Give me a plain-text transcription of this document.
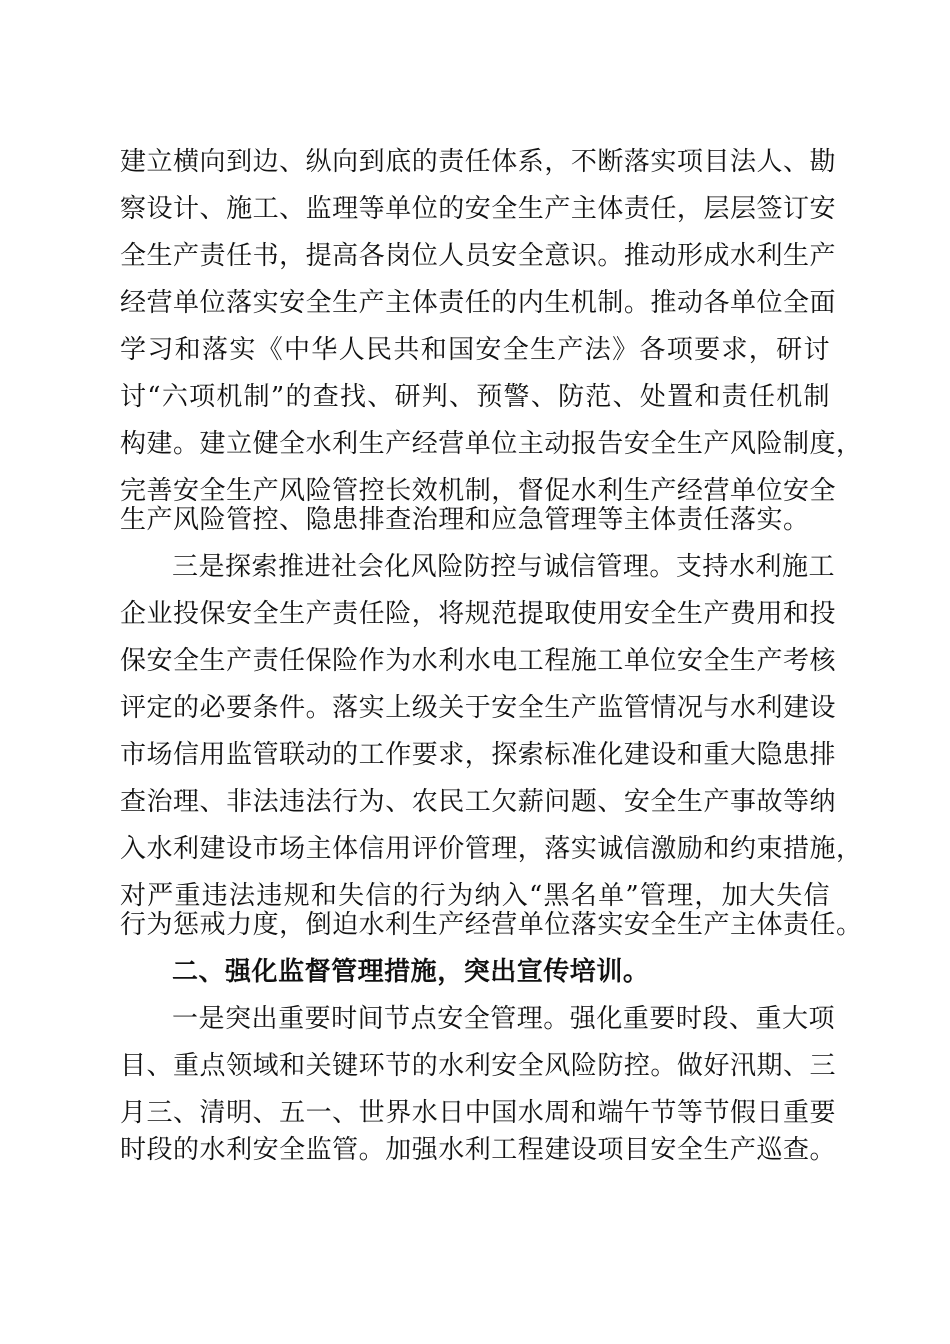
建立横向到边、纵向到底的责任体系，不断落实项目法人、勘
察设计、施工、监理等单位的安全生产主体责任，层层签订安
全生产责任书，提高各岗位人员安全意识。推动形成水利生产
经营单位落实安全生产主体责任的内生机制。推动各单位全面
学习和落实《中华人民共和国安全生产法》各项要求，研讨
讨“六项机制”的查找、研判、预警、防范、处置和责任机制
构建。建立健全水利生产经营单位主动报告安全生产风险制度，
完善安全生产风险管控长效机制，督促水利生产经营单位安全
生产风险管控、隐患排查治理和应急管理等主体责任落实。
三是探索推进社会化风险防控与诚信管理。支持水利施工
企业投保安全生产责任险，将规范提取使用安全生产费用和投
保安全生产责任保险作为水利水电工程施工单位安全生产考核
评定的必要条件。落实上级关于安全生产监管情况与水利建设
市场信用监管联动的工作要求，探索标准化建设和重大隐患排
查治理、非法违法行为、农民工欠薪问题、安全生产事故等纳
入水利建设市场主体信用评价管理，落实诚信激励和约束措施，
对严重违法违规和失信的行为纳入“黑名单”管理，加大失信
行为惩戒力度，倒迫水利生产经营单位落实安全生产主体责任。
二、强化监督管理措施，突出宣传培训。
一是突出重要时间节点安全管理。强化重要时段、重大项
目、重点领域和关键环节的水利安全风险防控。做好汛期、三
月三、清明、五一、世界水日中国水周和端午节等节假日重要
时段的水利安全监管。加强水利工程建设项目安全生产巡查。
